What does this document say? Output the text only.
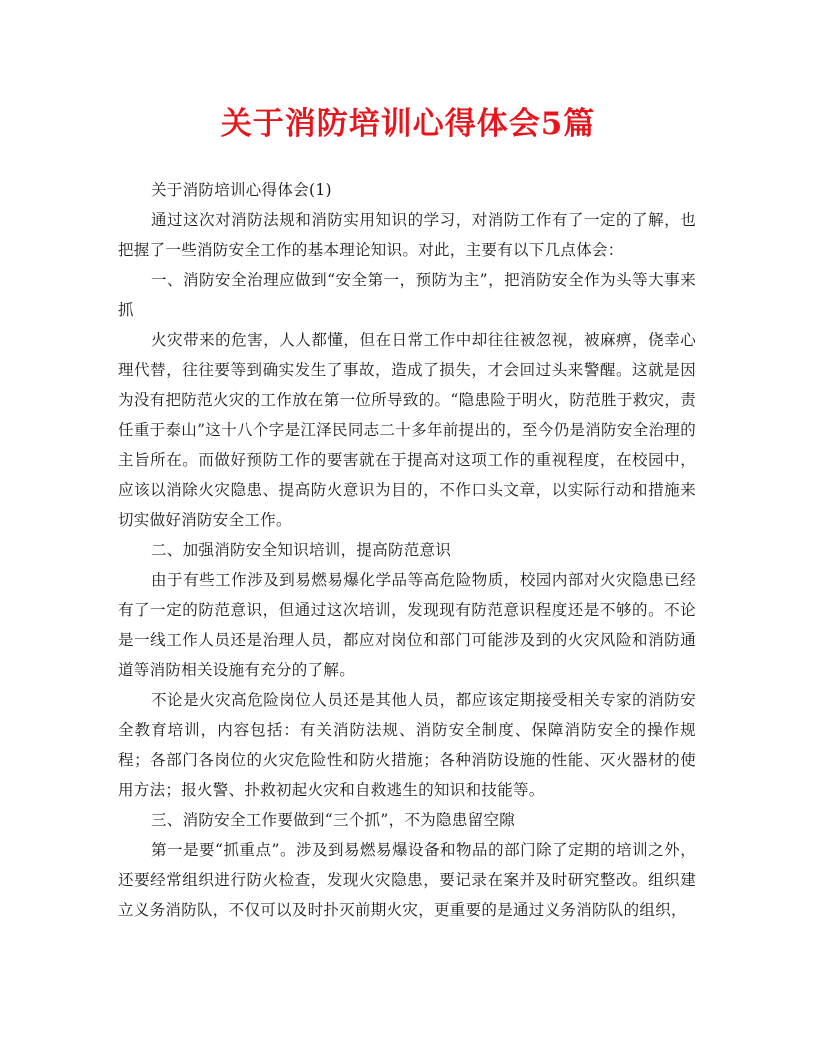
关于消防培训心得体会5篇

关于消防培训心得体会(1)

通过这次对消防法规和消防实用知识的学习，对消防工作有了一定的了解，也把握了一些消防安全工作的基本理论知识。对此，主要有以下几点体会：

一、消防安全治理应做到“安全第一，预防为主”，把消防安全作为头等大事来抓

火灾带来的危害，人人都懂，但在日常工作中却往往被忽视，被麻痹，侥幸心理代替，往往要等到确实发生了事故，造成了损失，才会回过头来警醒。这就是因为没有把防范火灾的工作放在第一位所导致的。“隐患险于明火，防范胜于救灾，责任重于泰山”这十八个字是江泽民同志二十多年前提出的，至今仍是消防安全治理的主旨所在。而做好预防工作的要害就在于提高对这项工作的重视程度，在校园中，应该以消除火灾隐患、提高防火意识为目的，不作口头文章，以实际行动和措施来切实做好消防安全工作。

二、加强消防安全知识培训，提高防范意识

由于有些工作涉及到易燃易爆化学品等高危险物质，校园内部对火灾隐患已经有了一定的防范意识，但通过这次培训，发现现有防范意识程度还是不够的。不论是一线工作人员还是治理人员，都应对岗位和部门可能涉及到的火灾风险和消防通道等消防相关设施有充分的了解。

不论是火灾高危险岗位人员还是其他人员，都应该定期接受相关专家的消防安全教育培训，内容包括：有关消防法规、消防安全制度、保障消防安全的操作规程；各部门各岗位的火灾危险性和防火措施；各种消防设施的性能、灭火器材的使用方法；报火警、扑救初起火灾和自救逃生的知识和技能等。

三、消防安全工作要做到“三个抓”，不为隐患留空隙

第一是要“抓重点”。涉及到易燃易爆设备和物品的部门除了定期的培训之外，还要经常组织进行防火检查，发现火灾隐患，要记录在案并及时研究整改。组织建立义务消防队，不仅可以及时扑灭前期火灾，更重要的是通过义务消防队的组织，
